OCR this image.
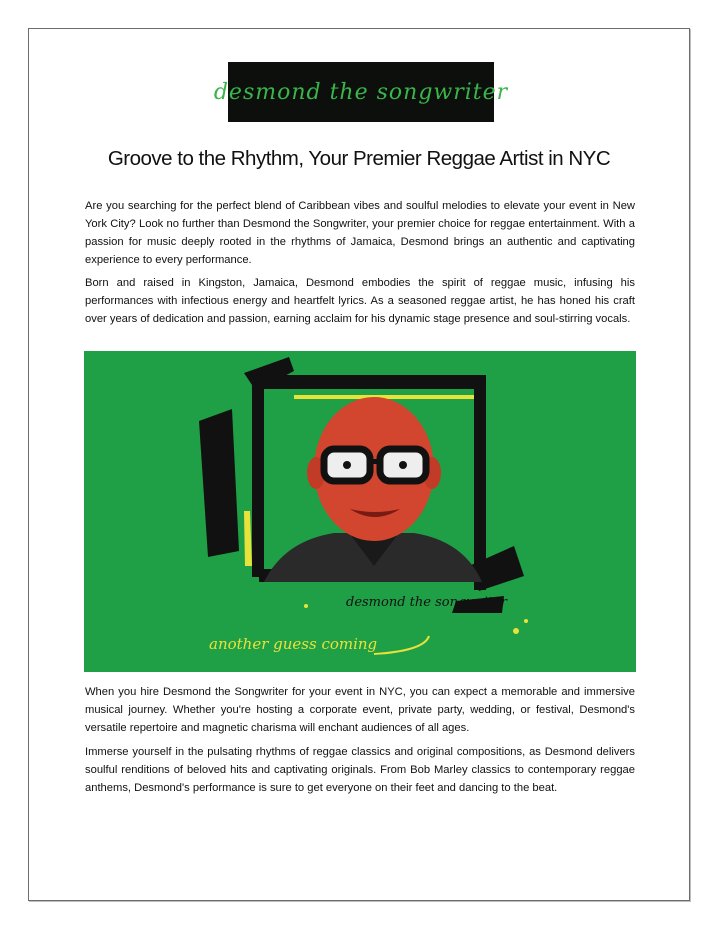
desmond the songwriter
Groove to the Rhythm, Your Premier Reggae Artist in NYC

Are you searching for the perfect blend of Caribbean vibes and soulful melodies to elevate your event in New York City? Look no further than Desmond the Songwriter, your premier choice for reggae entertainment. With a passion for music deeply rooted in the rhythms of Jamaica, Desmond brings an authentic and captivating experience to every performance.

Born and raised in Kingston, Jamaica, Desmond embodies the spirit of reggae music, infusing his performances with infectious energy and heartfelt lyrics. As a seasoned reggae artist, he has honed his craft over years of dedication and passion, earning acclaim for his dynamic stage presence and soul-stirring vocals.

desmond the songwriter
another guess coming

When you hire Desmond the Songwriter for your event in NYC, you can expect a memorable and immersive musical journey. Whether you're hosting a corporate event, private party, wedding, or festival, Desmond's versatile repertoire and magnetic charisma will enchant audiences of all ages.

Immerse yourself in the pulsating rhythms of reggae classics and original compositions, as Desmond delivers soulful renditions of beloved hits and captivating originals. From Bob Marley classics to contemporary reggae anthems, Desmond's performance is sure to get everyone on their feet and dancing to the beat.
